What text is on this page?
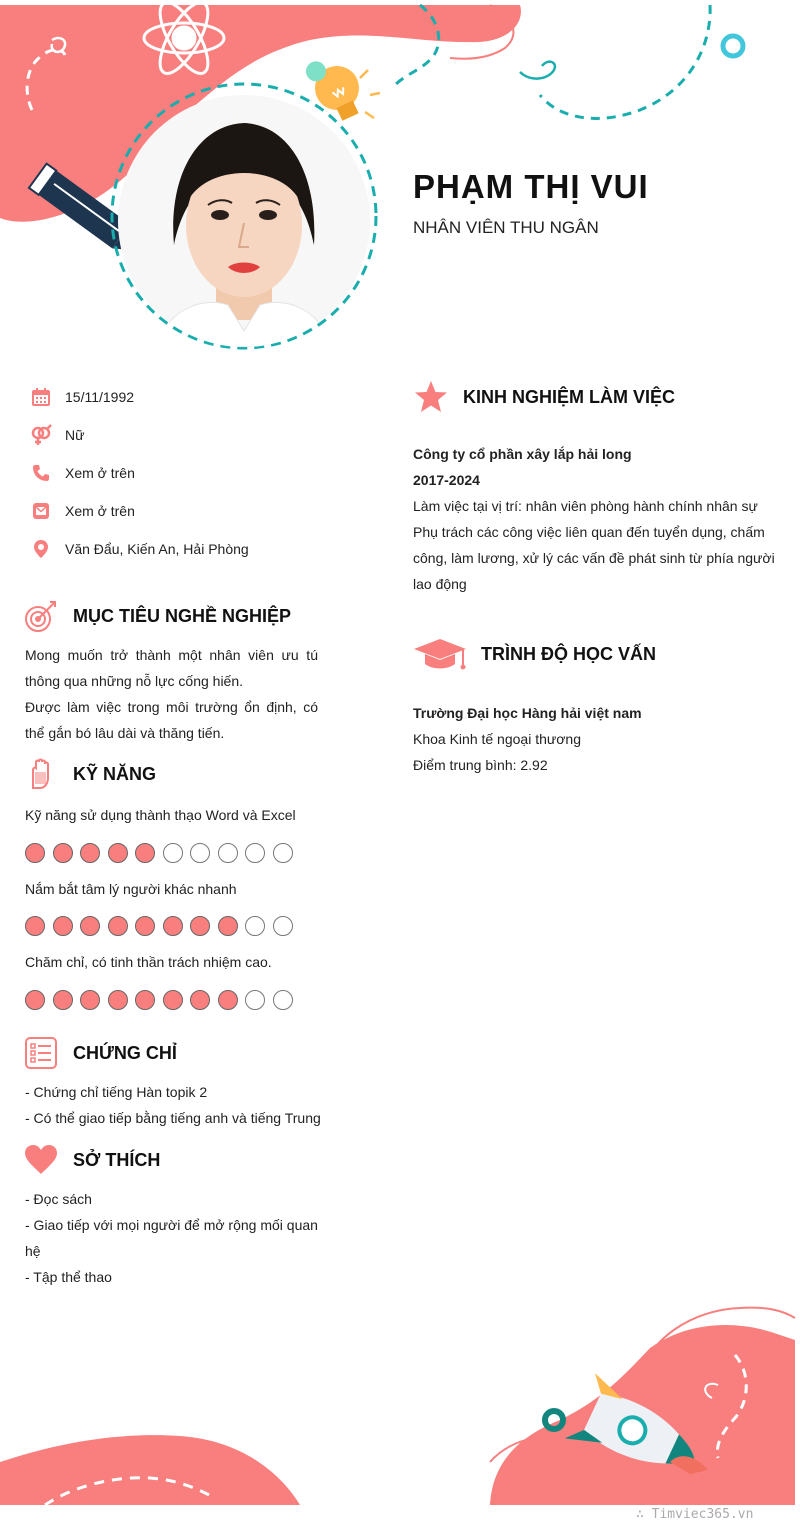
PHẠM THỊ VUI
NHÂN VIÊN THU NGÂN
15/11/1992
Nữ
Xem ở trên
Xem ở trên
Văn Đẩu, Kiến An, Hải Phòng
MỤC TIÊU NGHỀ NGHIỆP
Mong muốn trở thành một nhân viên ưu tú thông qua những nỗ lực cống hiến.
Được làm việc trong môi trường ổn định, có thể gắn bó lâu dài và thăng tiến.
KỸ NĂNG
Kỹ năng sử dụng thành thạo Word và Excel
Nắm bắt tâm lý người khác nhanh
Chăm chỉ, có tinh thần trách nhiệm cao.
CHỨNG CHỈ
- Chứng chỉ tiếng Hàn topik 2
- Có thể giao tiếp bằng tiếng anh và tiếng Trung
SỞ THÍCH
- Đọc sách
- Giao tiếp với mọi người để mở rộng mối quan hệ
- Tập thể thao
KINH NGHIỆM LÀM VIỆC
Công ty cổ phần xây lắp hải long
2017-2024
Làm việc tại vị trí: nhân viên phòng hành chính nhân sự
Phụ trách các công việc liên quan đến tuyển dụng, chấm công, làm lương, xử lý các vấn đề phát sinh từ phía người lao động
TRÌNH ĐỘ HỌC VẤN
Trường Đại học Hàng hải việt nam
Khoa Kinh tế ngoại thương
Điểm trung bình: 2.92
∴ Timviec365.vn
